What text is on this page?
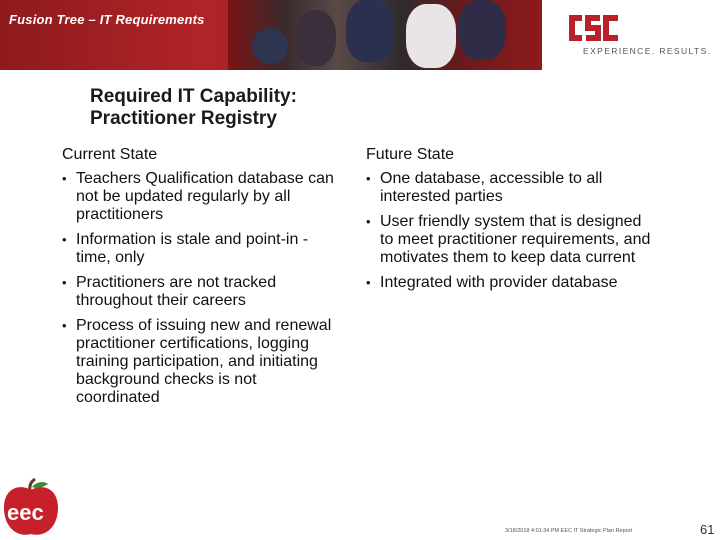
Fusion Tree – IT Requirements
EXPERIENCE. RESULTS.
Required IT Capability:
Practitioner Registry
Current State
• Teachers Qualification database can not be updated regularly by all practitioners
• Information is stale and point-in -time, only
• Practitioners are not tracked throughout their careers
• Process of issuing new and renewal practitioner certifications, logging training participation, and initiating background checks is not coordinated
Future State
• One database, accessible to all interested parties
• User friendly system that is designed to meet practitioner requirements, and motivates them to keep data current
• Integrated with provider database
eec
3/18/2018 4:01:34 PM EEC IT Strategic Plan Report	61
